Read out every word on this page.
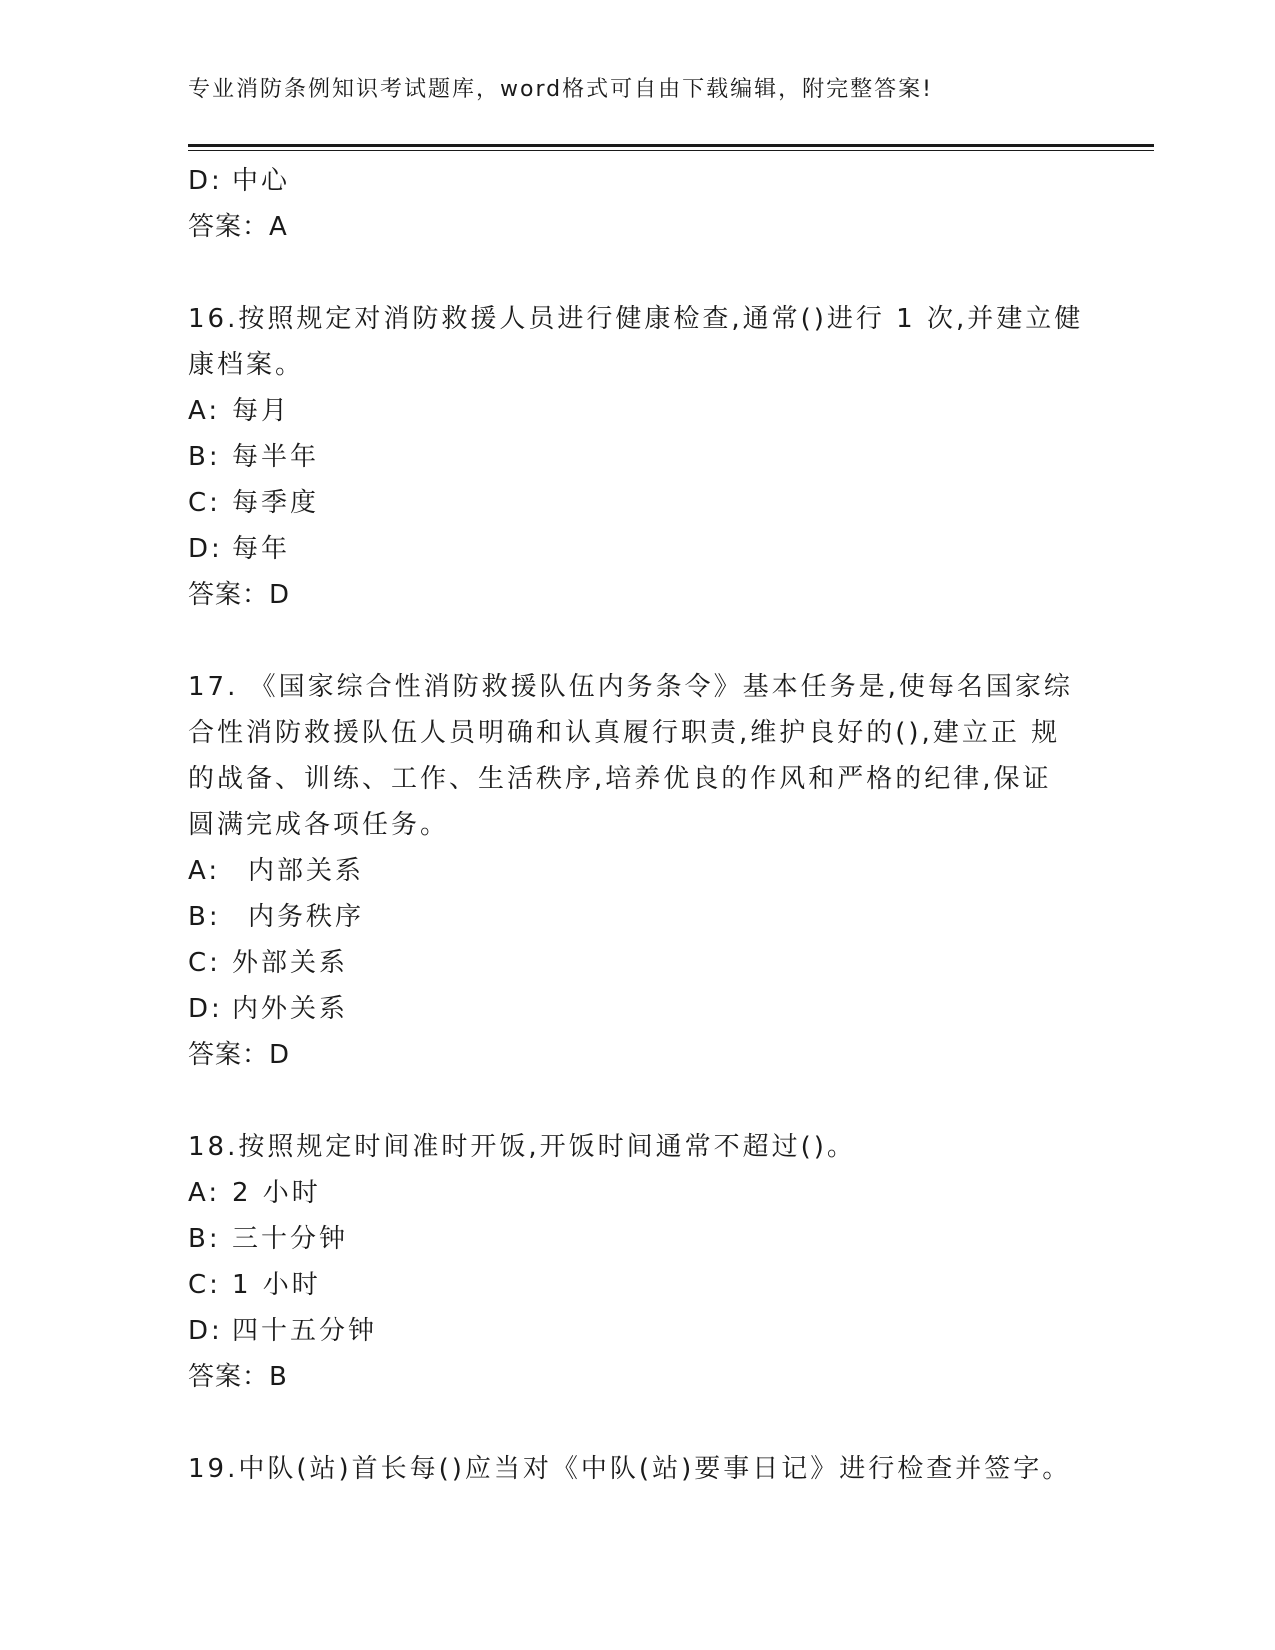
专业消防条例知识考试题库，word格式可自由下载编辑，附完整答案!
D: 中心
答案：A
16.按照规定对消防救援人员进行健康检查,通常()进行 1 次,并建立健
康档案。
A: 每月
B: 每半年
C: 每季度
D: 每年
答案：D
17. 《国家综合性消防救援队伍内务条令》基本任务是,使每名国家综
合性消防救援队伍人员明确和认真履行职责,维护良好的(),建立正 规
的战备、训练、工作、生活秩序,培养优良的作风和严格的纪律,保证
圆满完成各项任务。
A: 内部关系
B: 内务秩序
C: 外部关系
D: 内外关系
答案：D
18.按照规定时间准时开饭,开饭时间通常不超过()。
A: 2 小时
B: 三十分钟
C: 1 小时
D: 四十五分钟
答案：B
19.中队(站)首长每()应当对《中队(站)要事日记》进行检查并签字。
